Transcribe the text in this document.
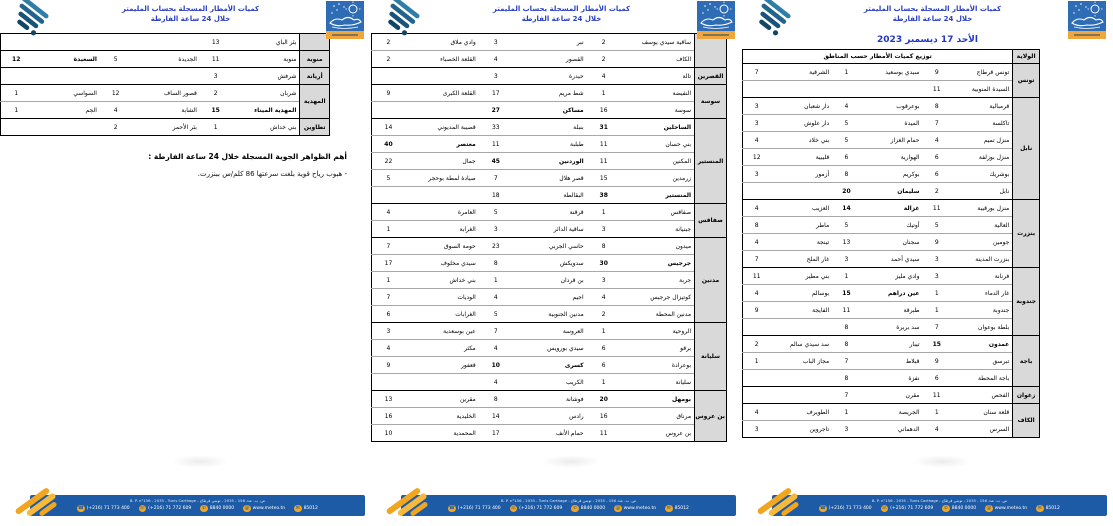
كميات الأمطار المسجلة بحساب المليمتر
خلال 24 ساعة الفارطة
	بئر الباي	13				
منوبة	منوبة	11	الجديدة	5	السعيدة	12
أريانة	شرفش	3				
المهدية	شربان	2	قصور الساف	12	السواسي	1
	المهدية الميناء	15	الشابة	4	الجم	1
تطاوين	بني خداش	1	بئر الأحمر	2		
أهم الظواهر الجوية المسجلة خلال 24 ساعة الفارطة :
- هبوب رياح قوية بلغت سرعتها 86 كلم/س ببنزرت.
B. P. n°156 - 2035 - Tunis Carthage - ص. ب. عدد 156 - 2035 - تونس قرطاج
☎ (+216) 71 773 400 ☏ (+216) 71 772 609	✆ 8840 0000 @ www.meteo.tn	✉ 85012
كميات الأمطار المسجلة بحساب المليمتر
خلال 24 ساعة الفارطة
	ساقية سيدي يوسف	2	نبر	3	وادي ملاق	2
	الكاف	2	القصور	4	القلعة الخصباء	2
القصرين	تالة	4	حيدرة	3		
سوسة	النفيضة	1	شط مريم	17	القلعة الكبرى	9
	سوسة	16	مساكن	27		
المنستير	الساحلين	31	بنبلة	33	قصيبة المديوني	14
	بني حسان	11	طبلبة	11	معتصر	40
	المكنين	11	الوردنين	45	جمال	22
	زرمدين	15	قصر هلال	7	صيادة لمطة بوحجر	5
	المنستير	38	البقالطة	18		
صفاقس	صفاقس	1	قرقنة	5	العامرة	4
	جبنيانة	3	ساقية الدائر	3	الغرابة	1
مدنين	ميدون	8	حاسي الجربي	23	حومة السوق	7
	جرجيس	30	سدويكش	8	سيدي مخلوف	17
	جربة	3	بن قردان	1	بني خداش	1
	كوتيزال جرجيس	4	اجيم	4	الوديات	7
	مدنين المحطة	2	مدنين الجنوبية	5	الغرابات	6
سليانة	الروحية	1	العروسة	7	عين بوسعدية	3
	برقو	6	سيدي بورويس	4	مكثر	4
	بوعرادة	6	كسرى	10	قعفور	9
	سليانة	1	الكريب	4		
بن عروس	بومهل	20	فوشانة	8	مقرين	13
	مرناق	16	رادس	14	الخليدية	16
	بن عروس	11	حمام الأنف	17	المحمدية	10
B. P. n°156 - 2035 - Tunis Carthage - ص. ب. عدد 156 - 2035 - تونس قرطاج
☎ (+216) 71 773 400 ☏ (+216) 71 772 609	✆ 8840 0000 @ www.meteo.tn	✉ 85012
كميات الأمطار المسجلة بحساب المليمتر
خلال 24 ساعة الفارطة
الأحد 17 ديسمبر 2023
الولاية	توزيع كميات الأمطار حسب المناطق					
تونس	تونس قرطاج	9	سيدي بوسعيد	1	الشرقية	7
	السيدة المنوبية	11				
نابل	قرمبالية	8	بوعرقوب	4	دار شعبان	3
	تاكلسة	7	الميدة	5	دار علوش	3
	منزل تميم	4	حمام الغزاز	5	بني خلاد	4
	منزل بوزلفة	6	الهوارية	6	قليبية	12
	بوشريك	6	بوكريم	8	أزمور	3
	نابل	2	سليمان	20		
بنزرت	منزل بورقيبة	11	غزالة	14	العزيب	4
	العالية	5	أوتيك	5	ماطر	8
	جومين	9	سجنان	13	تينجة	4
	بنزرت المدينة	3	سيدي أحمد	3	غار الملح	7
جندوبة	فرنانة	3	وادي مليز	1	بني مطير	11
	غار الدماء	1	عين دراهم	15	بوسالم	4
	جندوبة	1	طبرقة	11	الفايجة	9
	بلطة بوعوان	7	سد بربرة	8		
باجة	عمدون	15	تيبار	8	سد سيدي سالم	2
	تبرسق	9	قبلاط	7	مجاز الباب	1
	باجة المحطة	6	نفزة	8		
زغوان	الفحص	11	مقرن	7		
الكاف	قلعة سنان	1	الجريصة	1	الطويرف	4
	السرس	4	الدهماني	3	تاجروين	3
B. P. n°156 - 2035 - Tunis Carthage - ص. ب. عدد 156 - 2035 - تونس قرطاج
☎ (+216) 71 773 400 ☏ (+216) 71 772 609	✆ 8840 0000 @ www.meteo.tn	✉ 85012
